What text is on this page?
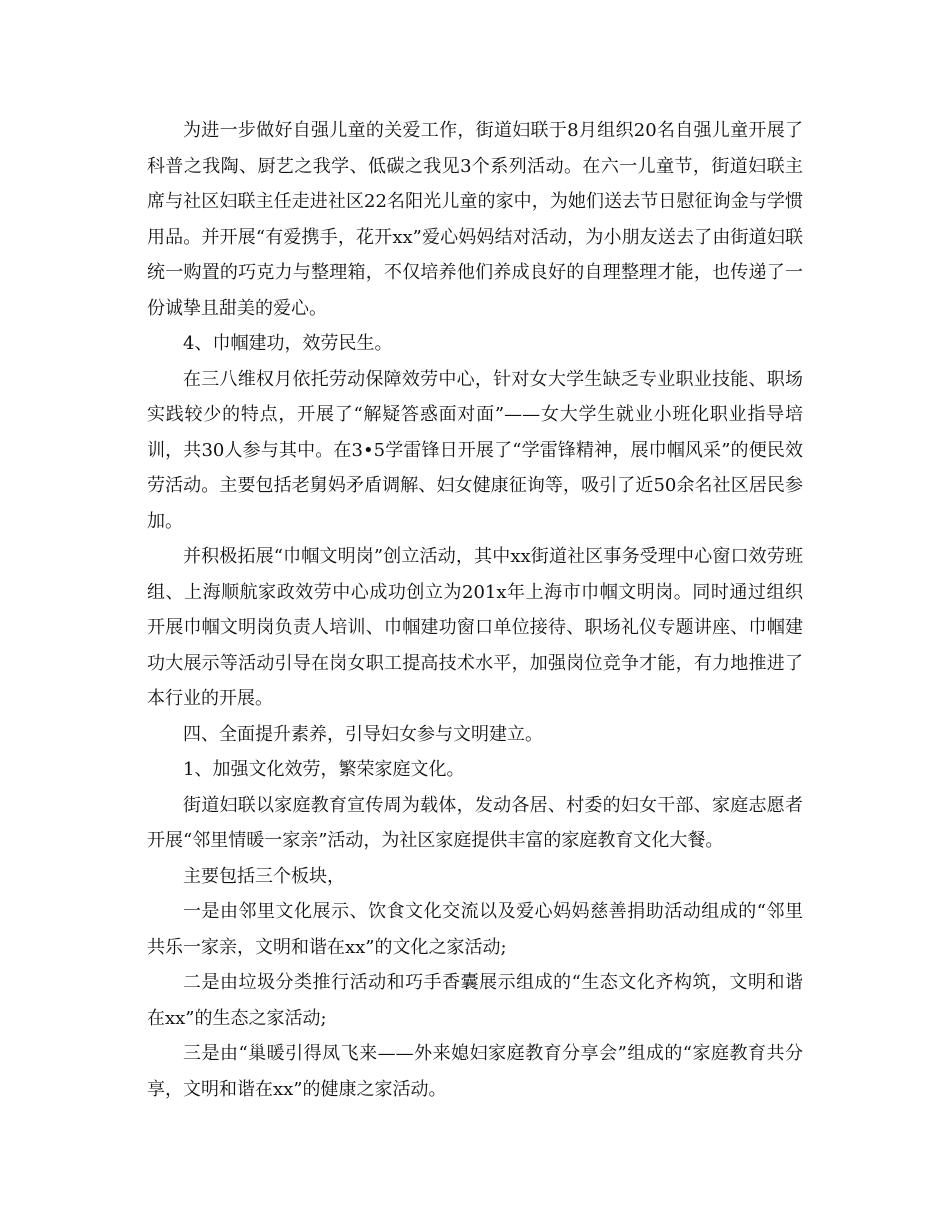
为进一步做好自强儿童的关爱工作，街道妇联于8月组织20名自强儿童开展了科普之我陶、厨艺之我学、低碳之我见3个系列活动。在六一儿童节，街道妇联主席与社区妇联主任走进社区22名阳光儿童的家中，为她们送去节日慰征询金与学惯用品。并开展“有爱携手，花开xx”爱心妈妈结对活动，为小朋友送去了由街道妇联统一购置的巧克力与整理箱，不仅培养他们养成良好的自理整理才能，也传递了一份诚挚且甜美的爱心。

4、巾帼建功，效劳民生。

在三八维权月依托劳动保障效劳中心，针对女大学生缺乏专业职业技能、职场实践较少的特点，开展了“解疑答惑面对面”——女大学生就业小班化职业指导培训，共30人参与其中。在3•5学雷锋日开展了“学雷锋精神，展巾帼风采”的便民效劳活动。主要包括老舅妈矛盾调解、妇女健康征询等，吸引了近50余名社区居民参加。

并积极拓展“巾帼文明岗”创立活动，其中xx街道社区事务受理中心窗口效劳班组、上海顺航家政效劳中心成功创立为201x年上海市巾帼文明岗。同时通过组织开展巾帼文明岗负责人培训、巾帼建功窗口单位接待、职场礼仪专题讲座、巾帼建功大展示等活动引导在岗女职工提高技术水平，加强岗位竞争才能，有力地推进了本行业的开展。

四、全面提升素养，引导妇女参与文明建立。

1、加强文化效劳，繁荣家庭文化。

街道妇联以家庭教育宣传周为载体，发动各居、村委的妇女干部、家庭志愿者开展“邻里情暖一家亲”活动，为社区家庭提供丰富的家庭教育文化大餐。

主要包括三个板块，

一是由邻里文化展示、饮食文化交流以及爱心妈妈慈善捐助活动组成的“邻里共乐一家亲，文明和谐在xx”的文化之家活动;

二是由垃圾分类推行活动和巧手香囊展示组成的“生态文化齐构筑，文明和谐在xx”的生态之家活动;

三是由“巢暖引得凤飞来——外来媳妇家庭教育分享会”组成的“家庭教育共分享，文明和谐在xx”的健康之家活动。
